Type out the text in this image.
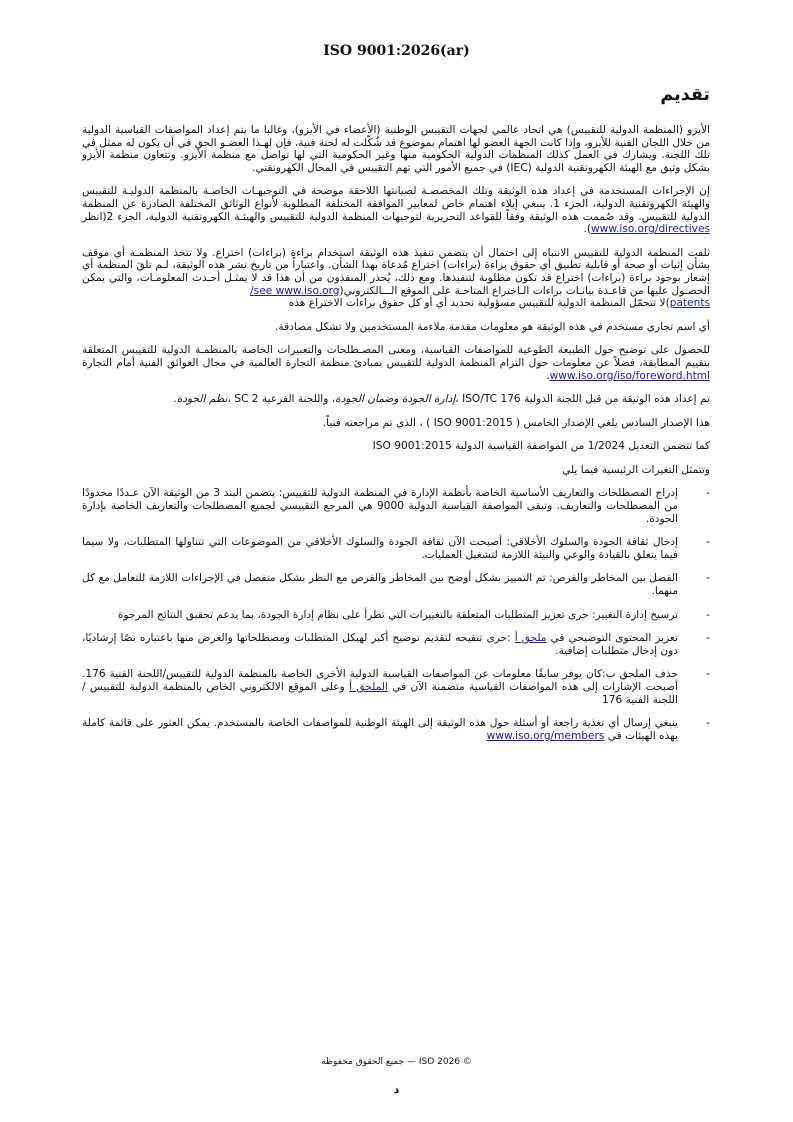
ISO 9001:2026(ar)
تقديم

الأيزو (المنظمة الدولية للتقييس) هي اتحاد عالمي لجهات التقييس الوطنية (الأعضاء في الأيزو)، وغالبا ما يتم إعداد المواصفات القياسية الدولية من خلال اللجان الفنية للأيزو، وإذا كانت الجهة العضو لها اهتمام بموضوع قد شُكّلت له لجنة فنية، فإن لهـذا العضـو الحق في أن يكون له ممثل في تلك اللجنة. ويشارك في العمل كذلك المنظمات الدولية الحكومية منها وغير الحكومية التي لها تواصل مع منظمة الأيزو. وتتعاون منظمة الأيزو بشكل وثيق مع الهيئة الكهروتقنية الدولية (IEC) في جميع الأمور التي تهم التقييس في المجال الكهروتقني.

إن الإجراءات المستخدمة في إعداد هذه الوثيقة وتلك المخصصـة لصيانتها اللاحقة موضحة في التوجيهـات الخاصـة بالمنظمة الدوليـة للتقييس والهيئة الكهروتقنية الدولية، الجزء 1. ينبغي إيلاء اهتمام خاص لمعايير الموافقة المختلفة المطلوبة لأنواع الوثائق المختلفة الصادرة عن المنظمة الدولية للتقييس. وقد صُممت هذه الوثيقة وفقاً للقواعد التحريرية لتوجيهات المنظمة الدولية للتقييس والهيئـة الكهروتقنية الدولية، الجزء 2(انظر www.iso.org/directives).

ثلفت المنظمة الدولية للتقييس الانتباه إلى احتمال أن يتضمن تنفيذ هذه الوثيقة استخدام براءة (براءات) اختراع. ولا تتخذ المنظمـة أي موقف بشأن إثبات أو صحة أو قابلية تطبيق أي حقوق براءة (براءات) اختراع مُدعاة بهذا الشأن. واعتباراً من تاريخ نشر هذه الوثيقة، لـم تلقَ المنظمة أي إشعار بوجود براءة (براءات) اختراع قد تكون مطلوبة لتنفيذها. ومع ذلك، يُحذر المنفذون من أن هذا قد لا يمثـل أحـدث المعلومـات، والتي يمكن الحصـول عليها من قاعـدة بيانـات براءات الـاختراع المتاحـة على الموقع الـــالكتروني(see www.iso.org/
patents)لا تتحمّل المنظمة الدولية للتقييس مسؤولية تحديد أي أو كل حقوق براءات الاختراع هذه

أي اسم تجاري مستخدم في هذه الوثيقة هو معلومات مقدمة ملاءمة المستخدمين ولا تشكل مصادقة.

للحصول على توضيح حول الطبيعة الطوعية للمواصفات القياسية، ومعنى المصـطلحات والتعبيرات الخاصة بالمنظمـة الدولية للتقييس المتعلقة بتقييم المطابقة، فضلاً عن معلومات حول التزام المنظمة الدولية للتقييس بمبادئ منظمة التجارة العالمية في مجال العوائق الفنية أمام التجارة www.iso.org/iso/foreword.html.

تم إعداد هذه الوثيقة من قبل اللجنة الدولية ISO/TC 176 ،إدارة الجودة وضمان الجودة، واللجنة الفرعية SC 2 ،نظم الجودة.

هذا الإصدار السادس يلغي الإصدار الخامس ( ISO 9001:2015 ) ، الذي تم مراجعته فنياً.

كما تتضمن التعديل 1/2024 من المواصفة القياسية الدولية ISO 9001:2015

وتتمثل التغيرات الرئيسية فيما يلي

-
إدراج المصطلحات والتعاريف الأساسية الخاصة بأنظمة الإدارة في المنظمة الدولية للتقييس: يتضمن البند 3 من الوثيقة الآن عـددًا محدودًا من المصطلحات والتعاريف. وتبقى المواصفة القياسية الدولية 9000 هي المرجع التقييسي لجميع المصطلحات والتعاريف الخاصة بإدارة الجودة.
-
إدخال ثقافة الجودة والسلوك الأخلاقي: أصبحت الآن ثقافة الجودة والسلوك الأخلاقي من الموضوعات التي تتناولها المتطلبات، ولا سيما فيما يتعلق بالقيادة والوعي والبيئة اللازمة لتشغيل العمليات.
-
الفصل بين المخاطر والفرص: تم التمييز بشكل أوضح بين المخاطر والفرص مع النظر بشكل منفصل في الإجراءات اللازمة للتعامل مع كل منهما.
-
ترسيخ إدارة التغيير: حرى تعزيز المتطلبات المتعلقة بالتغييرات التي تطرأ على نظام إدارة الجودة، بما يدعم تحقيق النتائج المرجوة
-
تعزيز المحتوى التوضيحي في ملحق أ :حرى تنقيحه لتقديم توضيح أكبر لهيكل المتطلبات ومصطلحاتها والغرض منها باعتباره نصًا إرشاديًا، دون إدخال متطلبات إضافية.
-
حذف الملحق ب:كان يوفر سابقًا معلومات عن المواصفات القياسية الدولية الأخرى الخاصة بالمنظمة الدولية للتقييس/اللجنة الفنية 176. أصبحت الإشارات إلى هذه المواصفات القياسية متضمنة الآن في الملحق أ وعلى الموقع الالكتروني الخاص بالمنظمة الدولية للتقييس /اللجنة الفنية 176
-
ينبغي إرسال أي تغذية راجعة أو أسئلة حول هذه الوثيقة إلى الهيئة الوطنية للمواصفات الخاصة بالمستخدم. يمكن العثور على قائمة كاملة بهذه الهيئات في www.iso.org/members
© ISO 2026 — جميع الحقوق محفوظة
د
